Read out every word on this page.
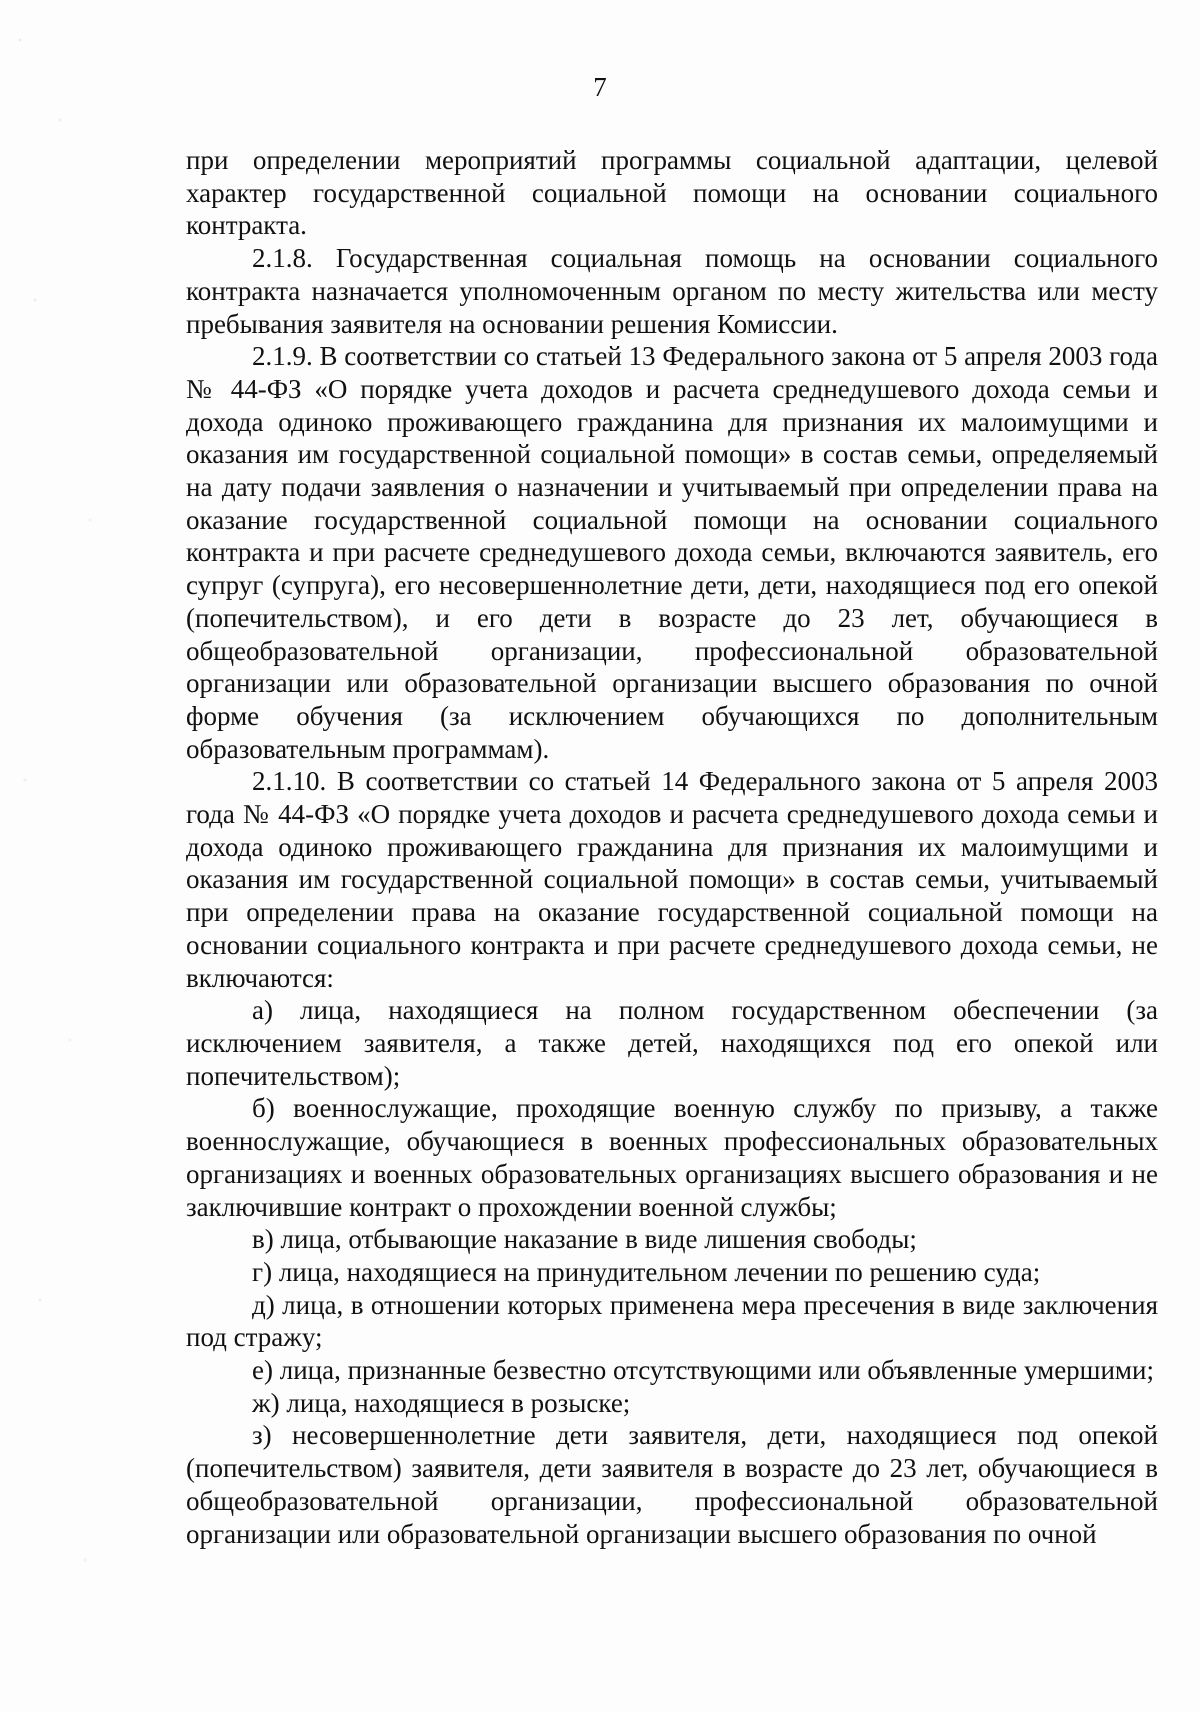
7

при определении мероприятий программы социальной адаптации, целевой характер государственной социальной помощи на основании социального контракта.

2.1.8. Государственная социальная помощь на основании социального контракта назначается уполномоченным органом по месту жительства или месту пребывания заявителя на основании решения Комиссии.

2.1.9. В соответствии со статьей 13 Федерального закона от 5 апреля 2003 года № 44-ФЗ «О порядке учета доходов и расчета среднедушевого дохода семьи и дохода одиноко проживающего гражданина для признания их малоимущими и оказания им государственной социальной помощи» в состав семьи, определяемый на дату подачи заявления о назначении и учитываемый при определении права на оказание государственной социальной помощи на основании социального контракта и при расчете среднедушевого дохода семьи, включаются заявитель, его супруг (супруга), его несовершеннолетние дети, дети, находящиеся под его опекой (попечительством), и его дети в возрасте до 23 лет, обучающиеся в общеобразовательной организации, профессиональной образовательной организации или образовательной организации высшего образования по очной форме обучения (за исключением обучающихся по дополнительным образовательным программам).

2.1.10. В соответствии со статьей 14 Федерального закона от 5 апреля 2003 года № 44-ФЗ «О порядке учета доходов и расчета среднедушевого дохода семьи и дохода одиноко проживающего гражданина для признания их малоимущими и оказания им государственной социальной помощи» в состав семьи, учитываемый при определении права на оказание государственной социальной помощи на основании социального контракта и при расчете среднедушевого дохода семьи, не включаются:

а) лица, находящиеся на полном государственном обеспечении (за исключением заявителя, а также детей, находящихся под его опекой или попечительством);

б) военнослужащие, проходящие военную службу по призыву, а также военнослужащие, обучающиеся в военных профессиональных образовательных организациях и военных образовательных организациях высшего образования и не заключившие контракт о прохождении военной службы;

в) лица, отбывающие наказание в виде лишения свободы;

г) лица, находящиеся на принудительном лечении по решению суда;

д) лица, в отношении которых применена мера пресечения в виде заключения под стражу;

е) лица, признанные безвестно отсутствующими или объявленные умершими;

ж) лица, находящиеся в розыске;

з) несовершеннолетние дети заявителя, дети, находящиеся под опекой (попечительством) заявителя, дети заявителя в возрасте до 23 лет, обучающиеся в общеобразовательной организации, профессиональной образовательной организации или образовательной организации высшего образования по очной
